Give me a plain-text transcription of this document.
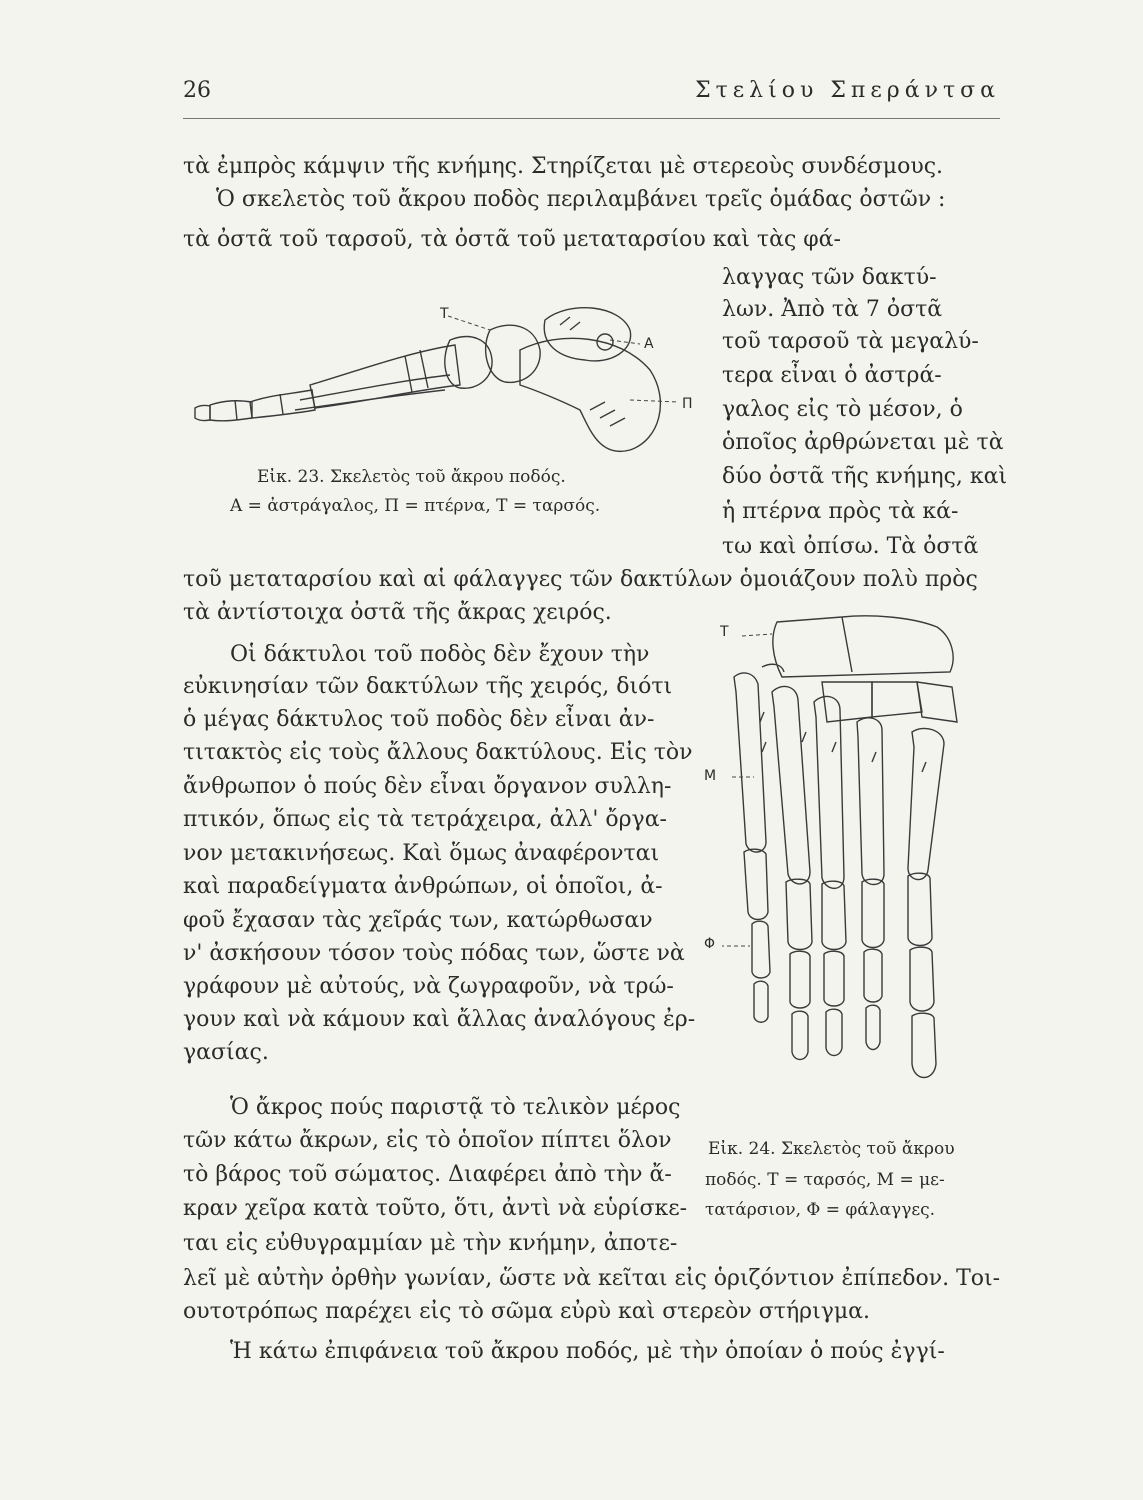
26	Στελίου Σπεράντσα
τὰ ἐμπρὸς κάμψιν τῆς κνήμης. Στηρίζεται μὲ στερεοὺς συνδέσμους.
Ὁ σκελετὸς τοῦ ἄκρου ποδὸς περιλαμβάνει τρεῖς ὁμάδας ὀστῶν :
τὰ ὀστᾶ τοῦ ταρσοῦ, τὰ ὀστᾶ τοῦ μεταταρσίου καὶ τὰς φά-
λαγγας τῶν δακτύ-
λων. Ἀπὸ τὰ 7 ὀστᾶ
τοῦ ταρσοῦ τὰ μεγαλύ-
τερα εἶναι ὁ ἀστρά-
γαλος εἰς τὸ μέσον, ὁ
ὁποῖος ἀρθρώνεται μὲ τὰ
δύο ὀστᾶ τῆς κνήμης, καὶ
ἡ πτέρνα πρὸς τὰ κά-
τω καὶ ὀπίσω. Τὰ ὀστᾶ
τοῦ μεταταρσίου καὶ αἱ φάλαγγες τῶν δακτύλων ὁμοιάζουν πολὺ πρὸς
τὰ ἀντίστοιχα ὀστᾶ τῆς ἄκρας χειρός.
Οἱ δάκτυλοι τοῦ ποδὸς δὲν ἔχουν τὴν
εὐκινησίαν τῶν δακτύλων τῆς χειρός, διότι
ὁ μέγας δάκτυλος τοῦ ποδὸς δὲν εἶναι ἀν-
τιτακτὸς εἰς τοὺς ἄλλους δακτύλους. Εἰς τὸν
ἄνθρωπον ὁ πούς δὲν εἶναι ὄργανον συλλη-
πτικόν, ὅπως εἰς τὰ τετράχειρα, ἀλλ' ὄργα-
νον μετακινήσεως. Καὶ ὅμως ἀναφέρονται
καὶ παραδείγματα ἀνθρώπων, οἱ ὁποῖοι, ἀ-
φοῦ ἔχασαν τὰς χεῖράς των, κατώρθωσαν
ν' ἀσκήσουν τόσον τοὺς πόδας των, ὥστε νὰ
γράφουν μὲ αὐτούς, νὰ ζωγραφοῦν, νὰ τρώ-
γουν καὶ νὰ κάμουν καὶ ἄλλας ἀναλόγους ἐρ-
γασίας.
Ὁ ἄκρος πούς παριστᾷ τὸ τελικὸν μέρος
τῶν κάτω ἄκρων, εἰς τὸ ὁποῖον πίπτει ὅλον
τὸ βάρος τοῦ σώματος. Διαφέρει ἀπὸ τὴν ἄ-
κραν χεῖρα κατὰ τοῦτο, ὅτι, ἀντὶ νὰ εὑρίσκε-
ται εἰς εὐθυγραμμίαν μὲ τὴν κνήμην, ἀποτε-
λεῖ μὲ αὐτὴν ὀρθὴν γωνίαν, ὥστε νὰ κεῖται εἰς ὁριζόντιον ἐπίπεδον. Τοι-
ουτοτρόπως παρέχει εἰς τὸ σῶμα εὐρὺ καὶ στερεὸν στήριγμα.
Ἡ κάτω ἐπιφάνεια τοῦ ἄκρου ποδός, μὲ τὴν ὁποίαν ὁ πούς ἐγγί-
Τ
Α
Π
Εἰκ. 23. Σκελετὸς τοῦ ἄκρου ποδός.
Α = ἀστράγαλος, Π = πτέρνα, Τ = ταρσός.
Τ
Μ
Φ
Εἰκ. 24. Σκελετὸς τοῦ ἄκρου
ποδός. Τ = ταρσός, Μ = με-
τατάρσιον, Φ = φάλαγγες.
